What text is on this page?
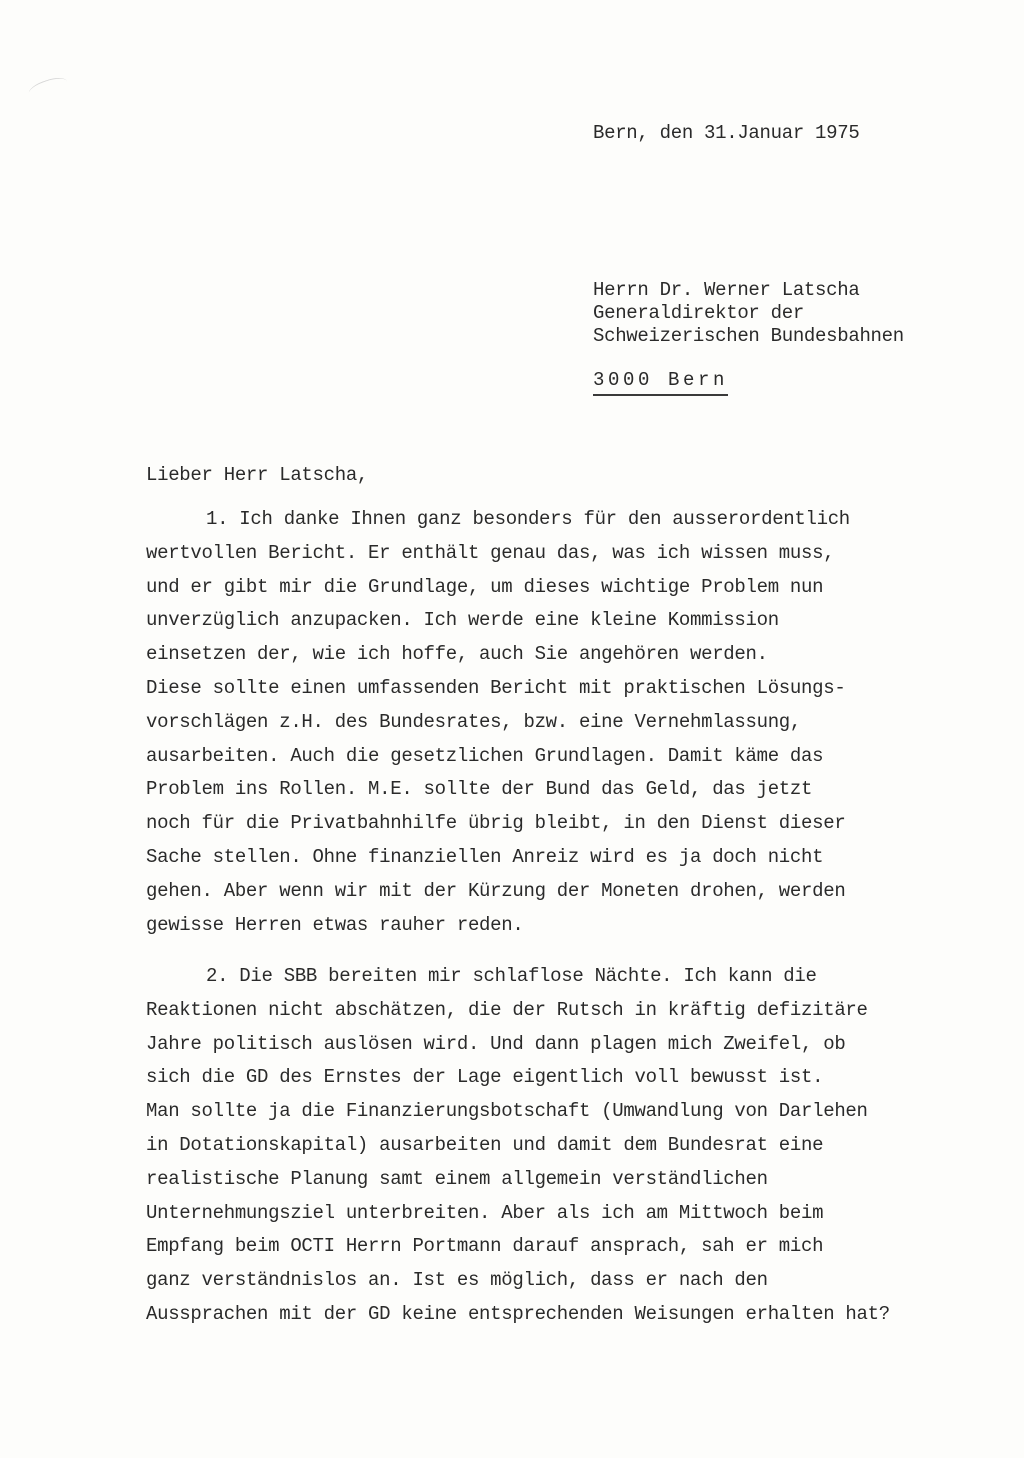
Bern, den 31.Januar 1975
Herrn Dr. Werner Latscha
Generaldirektor der
Schweizerischen Bundesbahnen
3000 Bern
Lieber Herr Latscha,
1. Ich danke Ihnen ganz besonders für den ausserordentlich
wertvollen Bericht. Er enthält genau das, was ich wissen muss,
und er gibt mir die Grundlage, um dieses wichtige Problem nun
unverzüglich anzupacken. Ich werde eine kleine Kommission
einsetzen der, wie ich hoffe, auch Sie angehören werden.
Diese sollte einen umfassenden Bericht mit praktischen Lösungs-
vorschlägen z.H. des Bundesrates, bzw. eine Vernehmlassung,
ausarbeiten. Auch die gesetzlichen Grundlagen. Damit käme das
Problem ins Rollen. M.E. sollte der Bund das Geld, das jetzt
noch für die Privatbahnhilfe übrig bleibt, in den Dienst dieser
Sache stellen. Ohne finanziellen Anreiz wird es ja doch nicht
gehen. Aber wenn wir mit der Kürzung der Moneten drohen, werden
gewisse Herren etwas rauher reden.
2. Die SBB bereiten mir schlaflose Nächte. Ich kann die
Reaktionen nicht abschätzen, die der Rutsch in kräftig defizitäre
Jahre politisch auslösen wird. Und dann plagen mich Zweifel, ob
sich die GD des Ernstes der Lage eigentlich voll bewusst ist.
Man sollte ja die Finanzierungsbotschaft (Umwandlung von Darlehen
in Dotationskapital) ausarbeiten und damit dem Bundesrat eine
realistische Planung samt einem allgemein verständlichen
Unternehmungsziel unterbreiten. Aber als ich am Mittwoch beim
Empfang beim OCTI Herrn Portmann darauf ansprach, sah er mich
ganz verständnislos an. Ist es möglich, dass er nach den
Aussprachen mit der GD keine entsprechenden Weisungen erhalten hat?
